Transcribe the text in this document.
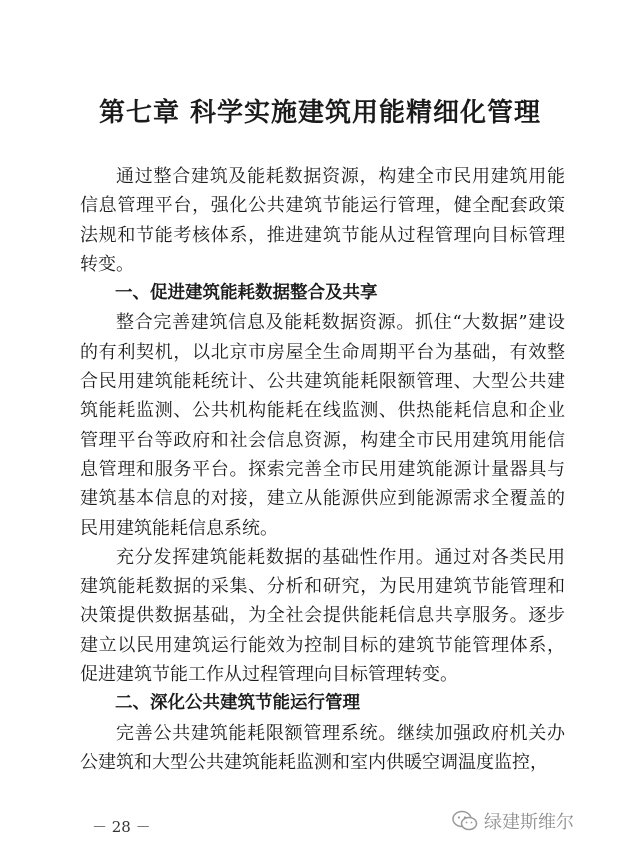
第七章 科学实施建筑用能精细化管理

通过整合建筑及能耗数据资源，构建全市民用建筑用能信息管理平台，强化公共建筑节能运行管理，健全配套政策法规和节能考核体系，推进建筑节能从过程管理向目标管理转变。

一、促进建筑能耗数据整合及共享

整合完善建筑信息及能耗数据资源。抓住“大数据”建设的有利契机，以北京市房屋全生命周期平台为基础，有效整合民用建筑能耗统计、公共建筑能耗限额管理、大型公共建筑能耗监测、公共机构能耗在线监测、供热能耗信息和企业管理平台等政府和社会信息资源，构建全市民用建筑用能信息管理和服务平台。探索完善全市民用建筑能源计量器具与建筑基本信息的对接，建立从能源供应到能源需求全覆盖的民用建筑能耗信息系统。

充分发挥建筑能耗数据的基础性作用。通过对各类民用建筑能耗数据的采集、分析和研究，为民用建筑节能管理和决策提供数据基础，为全社会提供能耗信息共享服务。逐步建立以民用建筑运行能效为控制目标的建筑节能管理体系，促进建筑节能工作从过程管理向目标管理转变。

二、深化公共建筑节能运行管理

完善公共建筑能耗限额管理系统。继续加强政府机关办公建筑和大型公共建筑能耗监测和室内供暖空调温度监控，

－ 28 －	绿建斯维尔
